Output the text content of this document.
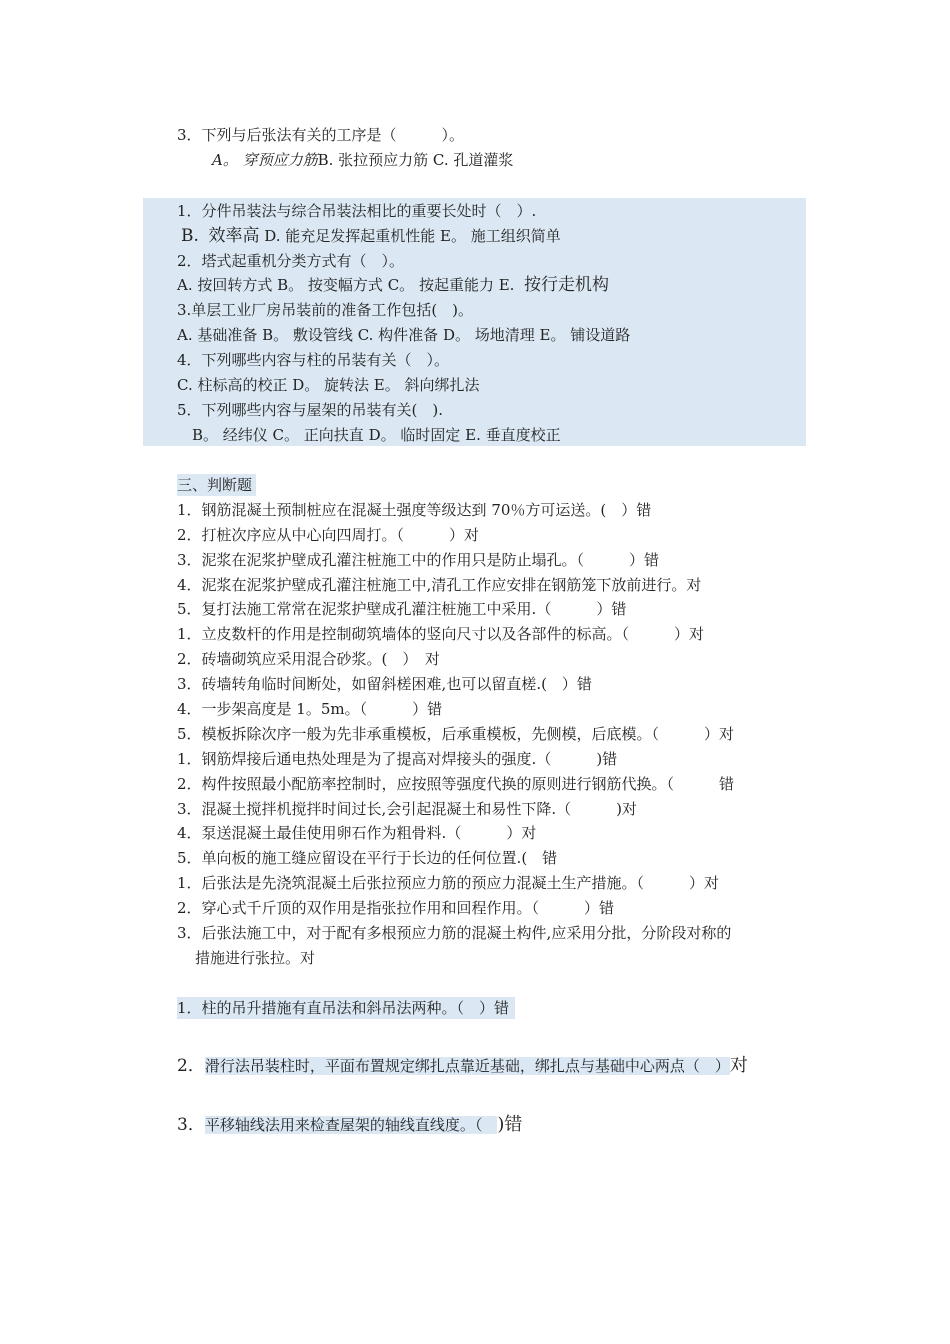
3．下列与后张法有关的工序是（　　　）。
A。 穿预应力筋B. 张拉预应力筋 C. 孔道灌浆
1．分件吊装法与综合吊装法相比的重要长处时（　）.
B. 效率高 D. 能充足发挥起重机性能 E。 施工组织简单
2．塔式起重机分类方式有（　）。
A. 按回转方式 B。 按变幅方式 C。 按起重能力 E. 按行走机构
3.单层工业厂房吊装前的准备工作包括(　)。
A. 基础准备 B。 敷设管线 C. 构件准备 D。 场地清理 E。 铺设道路
4．下列哪些内容与柱的吊装有关（　）。
C. 柱标高的校正 D。 旋转法 E。 斜向绑扎法
5．下列哪些内容与屋架的吊装有关(　).
B。 经纬仪 C。 正向扶直 D。 临时固定 E. 垂直度校正
三、判断题
1．钢筋混凝土预制桩应在混凝土强度等级达到 70％方可运送。(　）错
2．打桩次序应从中心向四周打。（　　　）对
3．泥浆在泥浆护壁成孔灌注桩施工中的作用只是防止塌孔。（　　　）错
4．泥浆在泥浆护壁成孔灌注桩施工中,清孔工作应安排在钢筋笼下放前进行。对
5．复打法施工常常在泥浆护壁成孔灌注桩施工中采用.（　　　）错
1．立皮数杆的作用是控制砌筑墙体的竖向尺寸以及各部件的标高。（　　　）对
2．砖墙砌筑应采用混合砂浆。(　）　对
3．砖墙转角临时间断处，如留斜槎困难,也可以留直槎.(　）错
4．一步架高度是 1。5m。（　　　）错
5．模板拆除次序一般为先非承重模板，后承重模板，先侧模，后底模。（　　　）对
1．钢筋焊接后通电热处理是为了提高对焊接头的强度.（　　　)错
2．构件按照最小配筋率控制时，应按照等强度代换的原则进行钢筋代换。（　　　错
3．混凝土搅拌机搅拌时间过长,会引起混凝土和易性下降.（　　　)对
4．泵送混凝土最佳使用卵石作为粗骨料.（　　　）对
5．单向板的施工缝应留设在平行于长边的任何位置.(　错
1．后张法是先浇筑混凝土后张拉预应力筋的预应力混凝土生产措施。（　　　）对
2．穿心式千斤顶的双作用是指张拉作用和回程作用。（　　　）错
3．后张法施工中，对于配有多根预应力筋的混凝土构件,应采用分批，分阶段对称的
措施进行张拉。对
1．柱的吊升措施有直吊法和斜吊法两种。（　）错
2．滑行法吊装柱时，平面布置规定绑扎点靠近基础，绑扎点与基础中心两点（　）对
3．平移轴线法用来检查屋架的轴线直线度。（　)错
